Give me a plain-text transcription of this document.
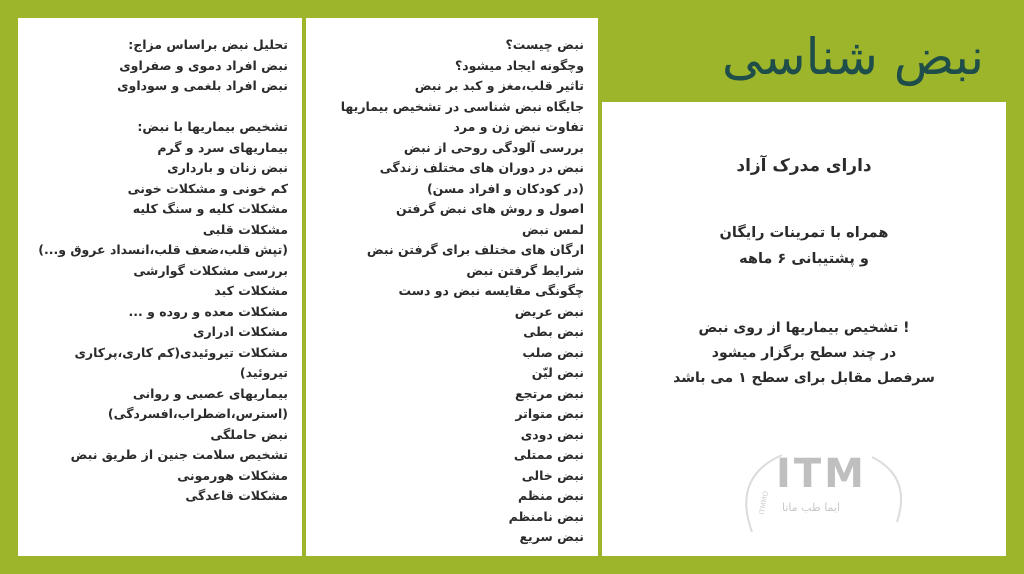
تحلیل نبض براساس مزاج:
نبض افراد دموی و صفراوی
نبض افراد بلغمی و سوداوی
تشخیص بیماریها با نبض:
بیماریهای سرد و گرم
نبض زنان و بارداری
کم خونی و مشکلات خونی
مشکلات کلیه و سنگ کلیه
مشکلات قلبی
(تپش قلب،ضعف قلب،انسداد عروق و...)
بررسی مشکلات گوارشی
مشکلات کبد
مشکلات معده و روده و ...
مشکلات ادراری
مشکلات تیروئیدی(کم کاری،پرکاری
تیروئید)
بیماریهای عصبی و روانی
(استرس،اضطراب،افسردگی)
نبض حاملگی
تشخیص سلامت جنین از طریق نبض
مشکلات هورمونی
مشکلات قاعدگی
نبض چیست؟
وچگونه ایجاد میشود؟
تاثیر قلب،مغز و کبد بر نبض
جایگاه نبض شناسی در تشخیص بیماریها
تفاوت نبض زن و مرد
بررسی آلودگی روحی از نبض
نبض در دوران های مختلف زندگی
(در کودکان و افراد مسن)
اصول و روش های نبض گرفتن
لمس نبض
ارگان های مختلف برای گرفتن نبض
شرایط گرفتن نبض
چگونگی مقایسه نبض دو دست
نبض عریض
نبض بطی
نبض صلب
نبض لیّن
نبض مرتجع
نبض متواتر
نبض دودی
نبض ممتلی
نبض خالی
نبض منظم
نبض نامنظم
نبض سریع
نبض شناسی
دارای مدرک آزاد
همراه با تمرینات رایگان
و پشتیبانی ۶ ماهه
! تشخیص بیماریها از روی نبض
در چند سطح برگزار میشود
سرفصل مقابل برای سطح ۱ می باشد
ITMMO
ITM
ایما طب ماتا
